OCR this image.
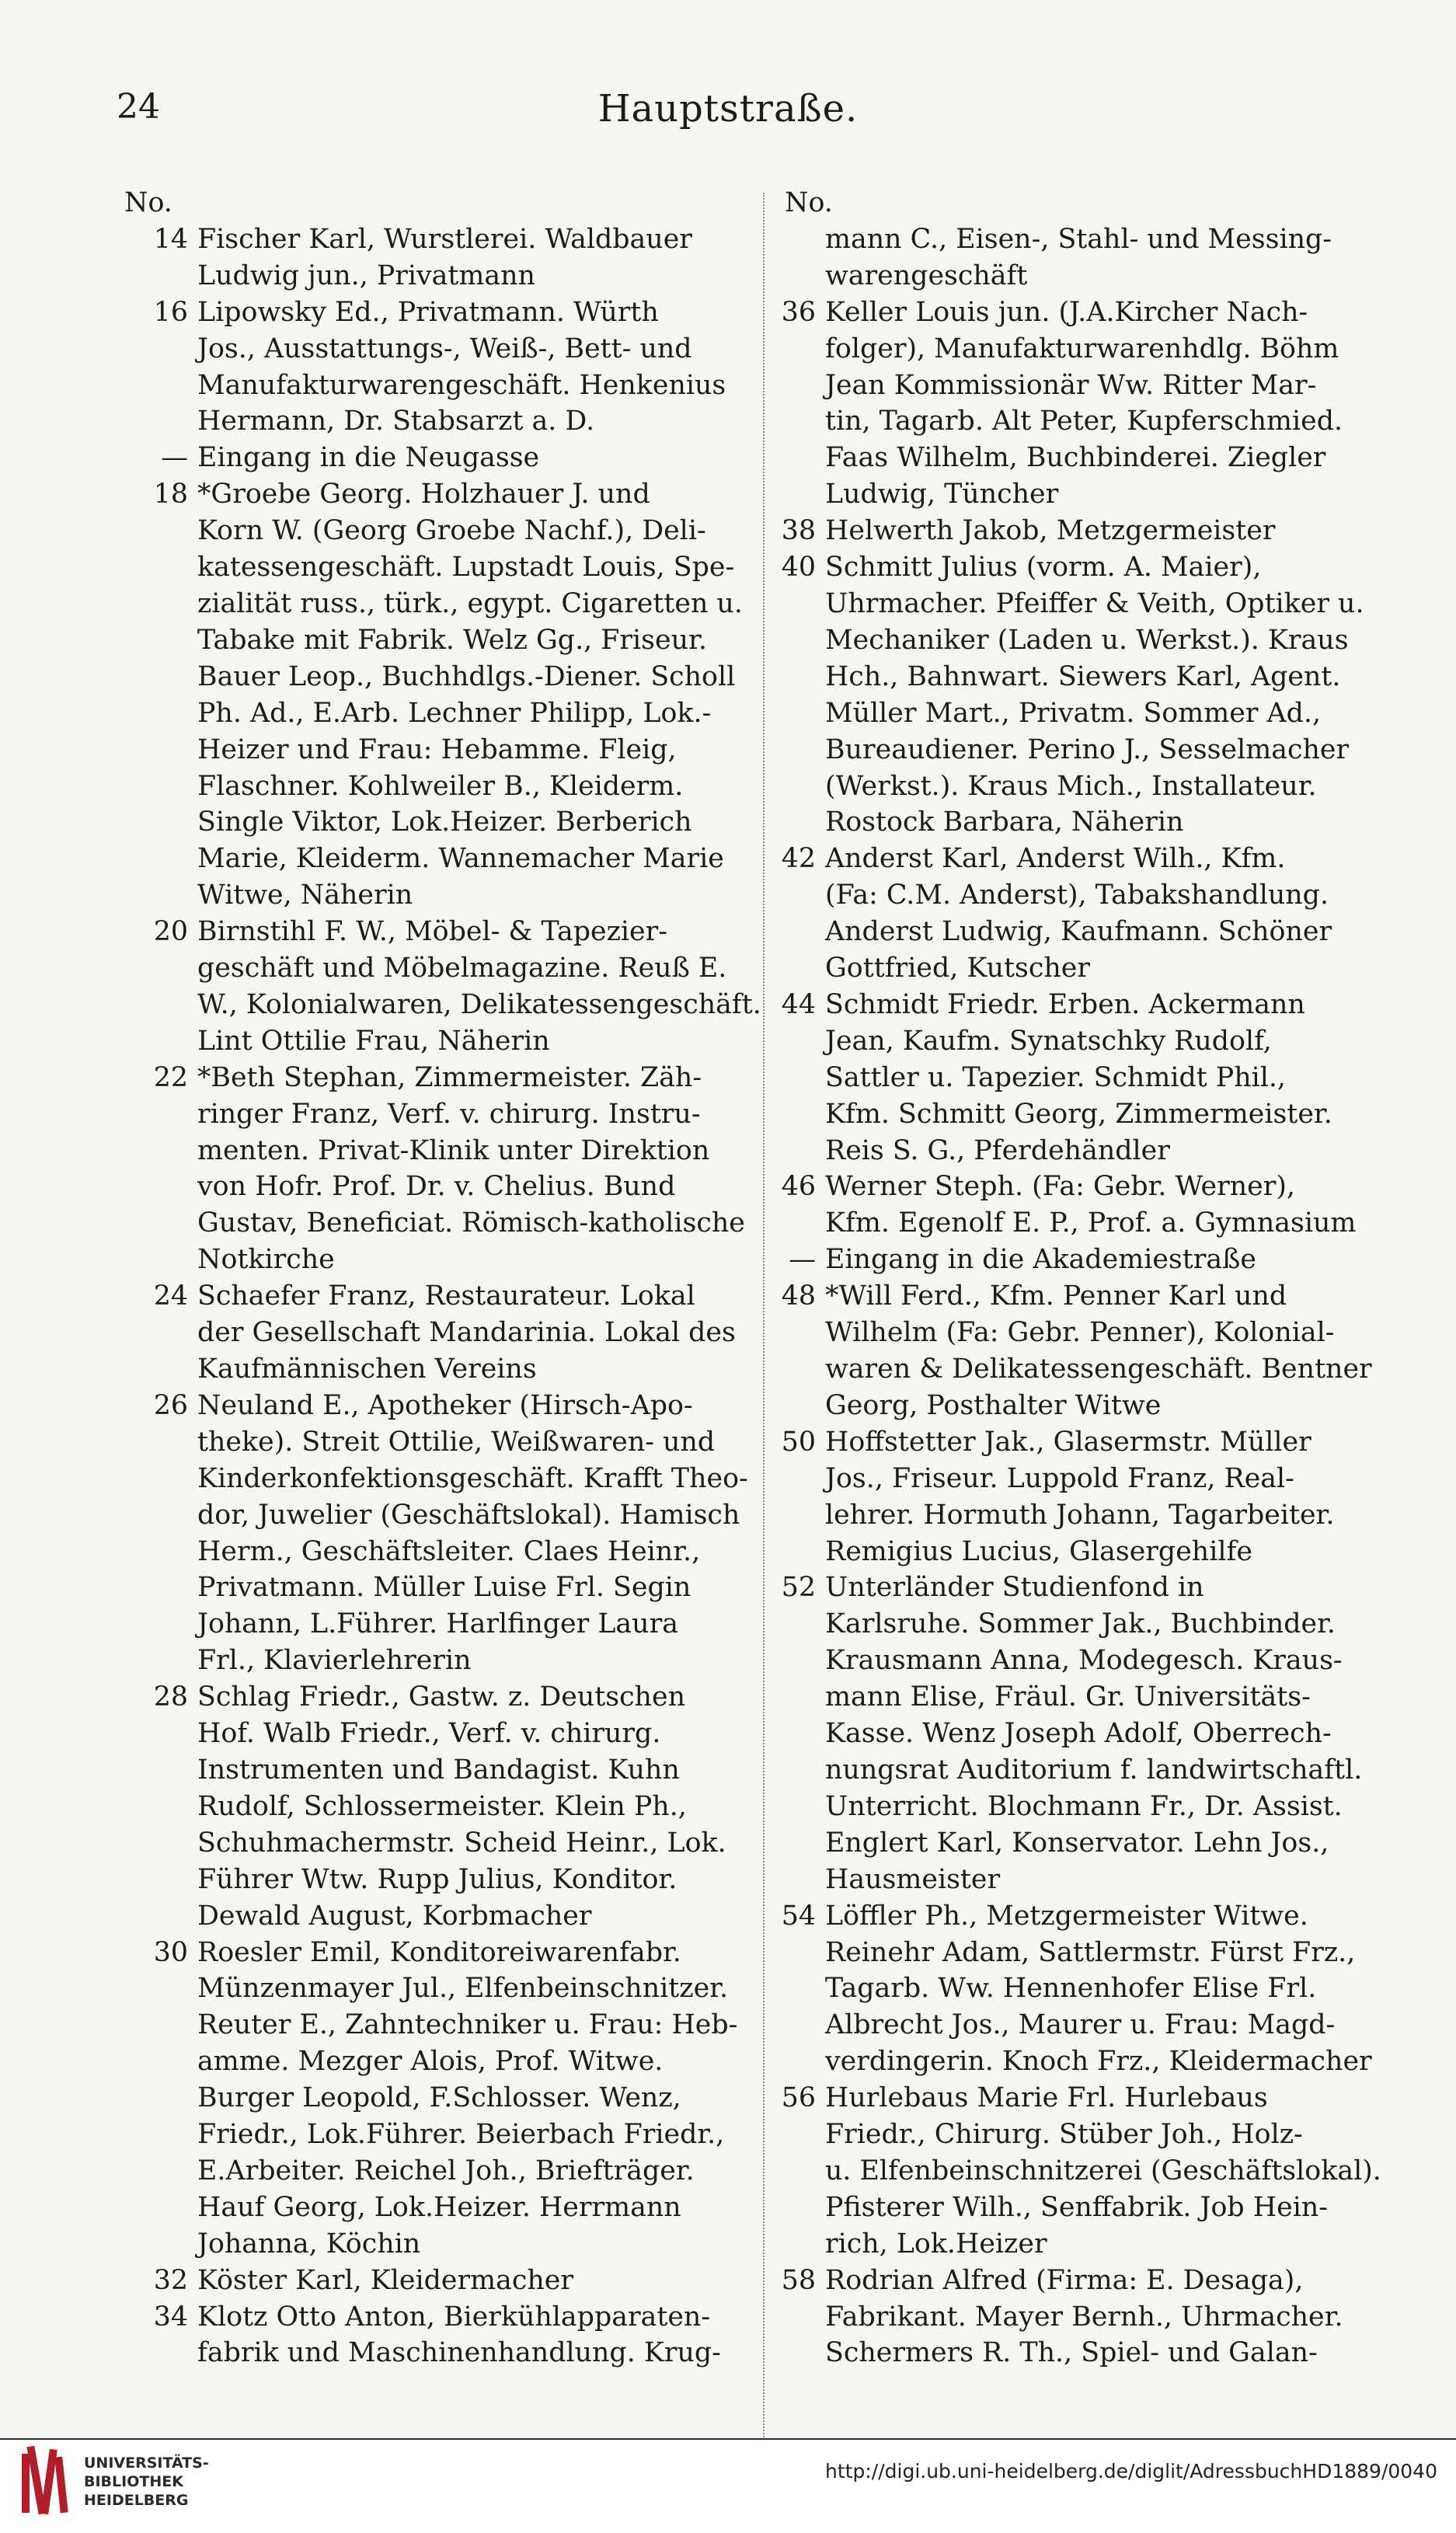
24	Hauptstraße.
No.
14 Fischer Karl, Wurstlerei. Waldbauer
Ludwig jun., Privatmann
16 Lipowsky Ed., Privatmann. Würth
Jos., Ausstattungs-, Weiß-, Bett- und
Manufakturwarengeschäft. Henkenius
Hermann, Dr. Stabsarzt a. D.
— Eingang in die Neugasse
18 *Groebe Georg. Holzhauer J. und
Korn W. (Georg Groebe Nachf.), Deli-
katessengeschäft. Lupstadt Louis, Spe-
zialität russ., türk., egypt. Cigaretten u.
Tabake mit Fabrik. Welz Gg., Friseur.
Bauer Leop., Buchhdlgs.-Diener. Scholl
Ph. Ad., E.Arb. Lechner Philipp, Lok.-
Heizer und Frau: Hebamme. Fleig,
Flaschner. Kohlweiler B., Kleiderm.
Single Viktor, Lok.Heizer. Berberich
Marie, Kleiderm. Wannemacher Marie
Witwe, Näherin
20 Birnstihl F. W., Möbel- & Tapezier-
geschäft und Möbelmagazine. Reuß E.
W., Kolonialwaren, Delikatessengeschäft.
Lint Ottilie Frau, Näherin
22 *Beth Stephan, Zimmermeister. Zäh-
ringer Franz, Verf. v. chirurg. Instru-
menten. Privat-Klinik unter Direktion
von Hofr. Prof. Dr. v. Chelius. Bund
Gustav, Beneficiat. Römisch-katholische
Notkirche
24 Schaefer Franz, Restaurateur. Lokal
der Gesellschaft Mandarinia. Lokal des
Kaufmännischen Vereins
26 Neuland E., Apotheker (Hirsch-Apo-
theke). Streit Ottilie, Weißwaren- und
Kinderkonfektionsgeschäft. Krafft Theo-
dor, Juwelier (Geschäftslokal). Hamisch
Herm., Geschäftsleiter. Claes Heinr.,
Privatmann. Müller Luise Frl. Segin
Johann, L.Führer. Harlfinger Laura
Frl., Klavierlehrerin
28 Schlag Friedr., Gastw. z. Deutschen
Hof. Walb Friedr., Verf. v. chirurg.
Instrumenten und Bandagist. Kuhn
Rudolf, Schlossermeister. Klein Ph.,
Schuhmachermstr. Scheid Heinr., Lok.
Führer Wtw. Rupp Julius, Konditor.
Dewald August, Korbmacher
30 Roesler Emil, Konditoreiwarenfabr.
Münzenmayer Jul., Elfenbeinschnitzer.
Reuter E., Zahntechniker u. Frau: Heb-
amme. Mezger Alois, Prof. Witwe.
Burger Leopold, F.Schlosser. Wenz,
Friedr., Lok.Führer. Beierbach Friedr.,
E.Arbeiter. Reichel Joh., Briefträger.
Hauf Georg, Lok.Heizer. Herrmann
Johanna, Köchin
32 Köster Karl, Kleidermacher
34 Klotz Otto Anton, Bierkühlapparaten-
fabrik und Maschinenhandlung. Krug-
No.
mann C., Eisen-, Stahl- und Messing-
warengeschäft
36 Keller Louis jun. (J.A.Kircher Nach-
folger), Manufakturwarenhdlg. Böhm
Jean Kommissionär Ww. Ritter Mar-
tin, Tagarb. Alt Peter, Kupferschmied.
Faas Wilhelm, Buchbinderei. Ziegler
Ludwig, Tüncher
38 Helwerth Jakob, Metzgermeister
40 Schmitt Julius (vorm. A. Maier),
Uhrmacher. Pfeiffer & Veith, Optiker u.
Mechaniker (Laden u. Werkst.). Kraus
Hch., Bahnwart. Siewers Karl, Agent.
Müller Mart., Privatm. Sommer Ad.,
Bureaudiener. Perino J., Sesselmacher
(Werkst.). Kraus Mich., Installateur.
Rostock Barbara, Näherin
42 Anderst Karl, Anderst Wilh., Kfm.
(Fa: C.M. Anderst), Tabakshandlung.
Anderst Ludwig, Kaufmann. Schöner
Gottfried, Kutscher
44 Schmidt Friedr. Erben. Ackermann
Jean, Kaufm. Synatschky Rudolf,
Sattler u. Tapezier. Schmidt Phil.,
Kfm. Schmitt Georg, Zimmermeister.
Reis S. G., Pferdehändler
46 Werner Steph. (Fa: Gebr. Werner),
Kfm. Egenolf E. P., Prof. a. Gymnasium
— Eingang in die Akademiestraße
48 *Will Ferd., Kfm. Penner Karl und
Wilhelm (Fa: Gebr. Penner), Kolonial-
waren & Delikatessengeschäft. Bentner
Georg, Posthalter Witwe
50 Hoffstetter Jak., Glasermstr. Müller
Jos., Friseur. Luppold Franz, Real-
lehrer. Hormuth Johann, Tagarbeiter.
Remigius Lucius, Glasergehilfe
52 Unterländer Studienfond in
Karlsruhe. Sommer Jak., Buchbinder.
Krausmann Anna, Modegesch. Kraus-
mann Elise, Fräul. Gr. Universitäts-
Kasse. Wenz Joseph Adolf, Oberrech-
nungsrat Auditorium f. landwirtschaftl.
Unterricht. Blochmann Fr., Dr. Assist.
Englert Karl, Konservator. Lehn Jos.,
Hausmeister
54 Löffler Ph., Metzgermeister Witwe.
Reinehr Adam, Sattlermstr. Fürst Frz.,
Tagarb. Ww. Hennenhofer Elise Frl.
Albrecht Jos., Maurer u. Frau: Magd-
verdingerin. Knoch Frz., Kleidermacher
56 Hurlebaus Marie Frl. Hurlebaus
Friedr., Chirurg. Stüber Joh., Holz-
u. Elfenbeinschnitzerei (Geschäftslokal).
Pfisterer Wilh., Senffabrik. Job Hein-
rich, Lok.Heizer
58 Rodrian Alfred (Firma: E. Desaga),
Fabrikant. Mayer Bernh., Uhrmacher.
Schermers R. Th., Spiel- und Galan-
UNIVERSITÄTS-
BIBLIOTHEK
HEIDELBERG
http://digi.ub.uni-heidelberg.de/diglit/AdressbuchHD1889/0040
